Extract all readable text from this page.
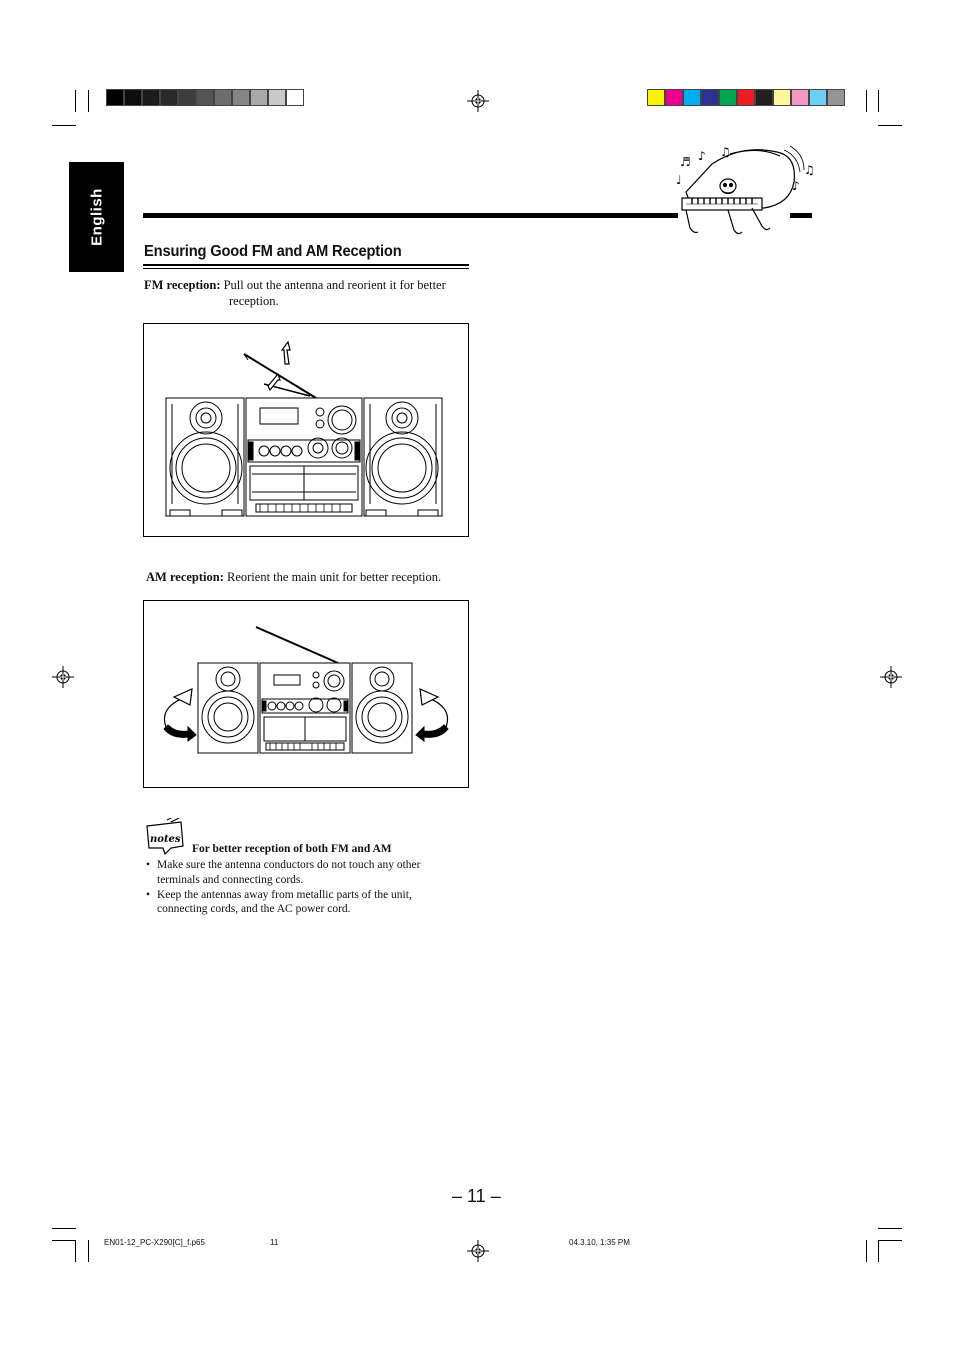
English
♩
♬ ♪ ♫
♪
♫
Ensuring Good FM and AM Reception
FM reception: Pull out the antenna and reorient it for better
reception.
AM reception: Reorient the main unit for better reception.
notes
For better reception of both FM and AM
• Make sure the antenna conductors do not touch any other terminals and connecting cords.
• Keep the antennas away from metallic parts of the unit, connecting cords, and the AC power cord.
– 11 –
EN01-12_PC-X290[C]_f.p65	11	04.3.10, 1:35 PM
